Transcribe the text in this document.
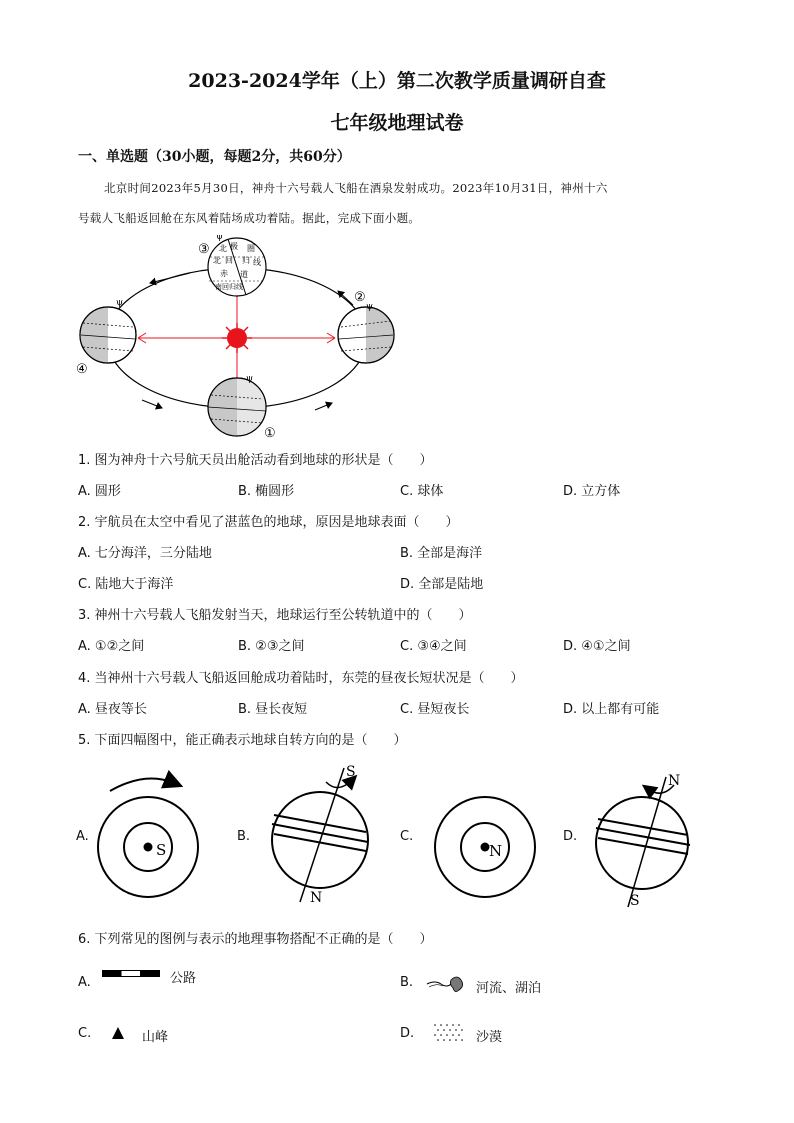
2023-2024学年（上）第二次教学质量调研自查
七年级地理试卷
一、单选题（30小题，每题2分，共60分）
北京时间2023年5月30日，神舟十六号载人飞船在酒泉发射成功。2023年10月31日，神州十六
号载人飞船返回舱在东风着陆场成功着陆。据此，完成下面小题。
北 极 圈
北 回 归 线
赤 道
南回归线
ψ
③
ψ
②
ψ
④
ψ
①
1. 图为神舟十六号航天员出舱活动看到地球的形状是（　　）
A. 圆形	B. 椭圆形	C. 球体	D. 立方体
2. 宇航员在太空中看见了湛蓝色的地球，原因是地球表面（　　）
A. 七分海洋，三分陆地	B. 全部是海洋
C. 陆地大于海洋	D. 全部是陆地
3. 神州十六号载人飞船发射当天，地球运行至公转轨道中的（　　）
A. ①②之间	B. ②③之间	C. ③④之间	D. ④①之间
4. 当神州十六号载人飞船返回舱成功着陆时，东莞的昼夜长短状况是（　　）
A. 昼夜等长	B. 昼长夜短	C. 昼短夜长	D. 以上都有可能
5. 下面四幅图中，能正确表示地球自转方向的是（　　）
A.
S
B.
S
N
C.
N
D.
N
S
6. 下列常见的图例与表示的地理事物搭配不正确的是（　　）
A.	公路	B.	河流、湖泊
C.	山峰	D.	沙漠
